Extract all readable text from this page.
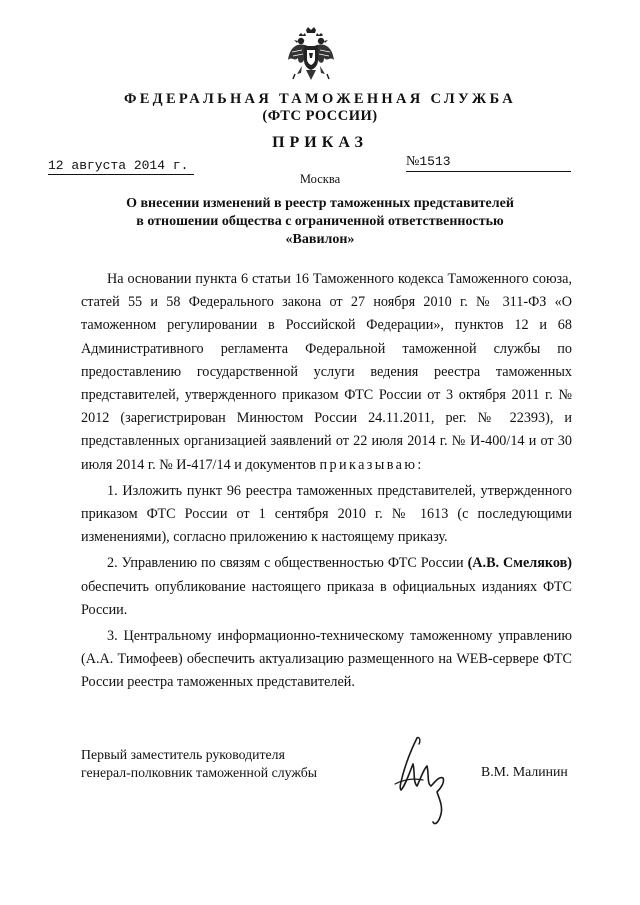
ФЕДЕРАЛЬНАЯ ТАМОЖЕННАЯ СЛУЖБА
(ФТС РОССИИ)
ПРИКАЗ
12 августа 2014 г.	№1513
Москва
О внесении изменений в реестр таможенных представителей
в отношении общества с ограниченной ответственностью
«Вавилон»

На основании пункта 6 статьи 16 Таможенного кодекса Таможенного союза, статей 55 и 58 Федерального закона от 27 ноября 2010 г. № 311-ФЗ «О таможенном регулировании в Российской Федерации», пунктов 12 и 68 Административного регламента Федеральной таможенной службы по предоставлению государственной услуги ведения реестра таможенных представителей, утвержденного приказом ФТС России от 3 октября 2011 г. № 2012 (зарегистрирован Минюстом России 24.11.2011, рег. № 22393), и представленных организацией заявлений от 22 июля 2014 г. № И-400/14 и от 30 июля 2014 г. № И-417/14 и документов приказываю:

1. Изложить пункт 96 реестра таможенных представителей, утвержденного приказом ФТС России от 1 сентября 2010 г. № 1613 (с последующими изменениями), согласно приложению к настоящему приказу.

2. Управлению по связям с общественностью ФТС России (А.В. Смеляков) обеспечить опубликование настоящего приказа в официальных изданиях ФТС России.

3. Центральному информационно-техническому таможенному управлению (А.А. Тимофеев) обеспечить актуализацию размещенного на WEB-сервере ФТС России реестра таможенных представителей.

Первый заместитель руководителя
генерал-полковник таможенной службы	В.М. Малинин
